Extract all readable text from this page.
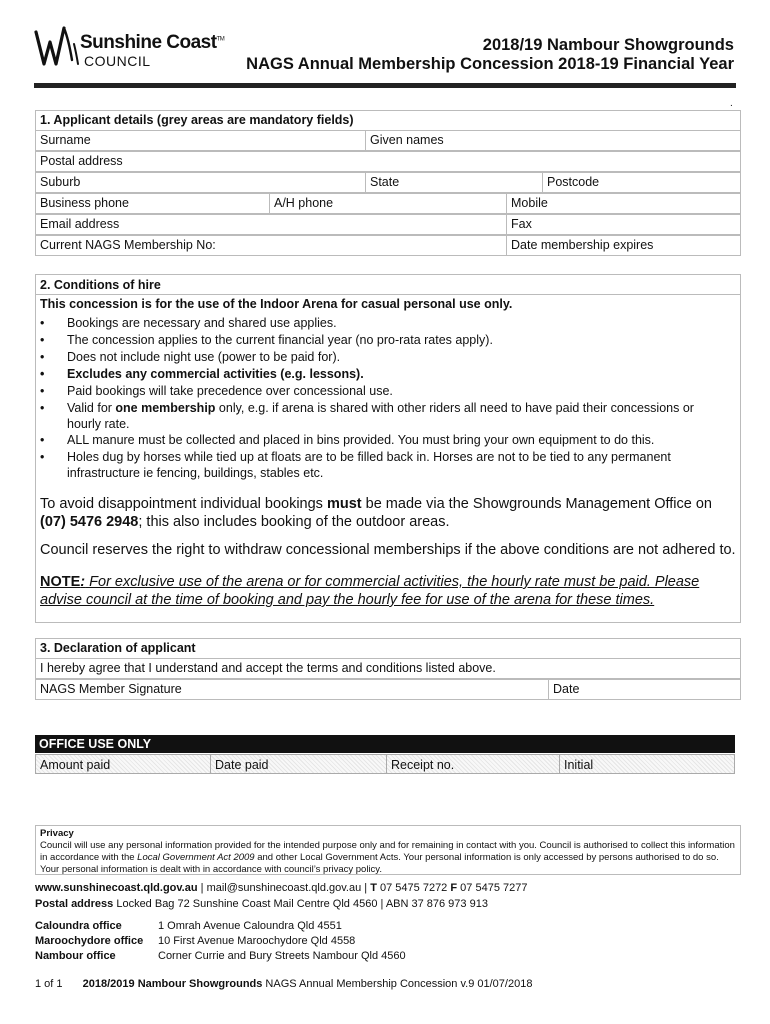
Sunshine Coast™
COUNCIL
2018/19 Nambour Showgrounds
NAGS Annual Membership Concession 2018-19 Financial Year
.
1. Applicant details (grey areas are mandatory fields)
Surname	Given names
Postal address
Suburb	State	Postcode
Business phone	A/H phone	Mobile
Email address	Fax
Current NAGS Membership No:	Date membership expires
2. Conditions of hire
This concession is for the use of the Indoor Arena for casual personal use only.
• Bookings are necessary and shared use applies.
• The concession applies to the current financial year (no pro-rata rates apply).
• Does not include night use (power to be paid for).
• Excludes any commercial activities (e.g. lessons).
• Paid bookings will take precedence over concessional use.
• Valid for one membership only, e.g. if arena is shared with other riders all need to have paid their concessions or hourly rate.
• ALL manure must be collected and placed in bins provided. You must bring your own equipment to do this.
• Holes dug by horses while tied up at floats are to be filled back in. Horses are not to be tied to any permanent infrastructure ie fencing, buildings, stables etc.
To avoid disappointment individual bookings must be made via the Showgrounds Management Office on (07) 5476 2948; this also includes booking of the outdoor areas.
Council reserves the right to withdraw concessional memberships if the above conditions are not adhered to.
NOTE: For exclusive use of the arena or for commercial activities, the hourly rate must be paid. Please advise council at the time of booking and pay the hourly fee for use of the arena for these times.
3. Declaration of applicant
I hereby agree that I understand and accept the terms and conditions listed above.
NAGS Member Signature	Date
OFFICE USE ONLY
Amount paid	Date paid	Receipt no.	Initial
Privacy
Council will use any personal information provided for the intended purpose only and for remaining in contact with you. Council is authorised to collect this information in accordance with the Local Government Act 2009 and other Local Government Acts. Your personal information is only accessed by persons authorised to do so. Your personal information is dealt with in accordance with council’s privacy policy.
www.sunshinecoast.qld.gov.au | mail@sunshinecoast.qld.gov.au | T 07 5475 7272 F 07 5475 7277
Postal address Locked Bag 72 Sunshine Coast Mail Centre Qld 4560 | ABN 37 876 973 913
Caloundra office	1 Omrah Avenue Caloundra Qld 4551
Maroochydore office 10 First Avenue Maroochydore Qld 4558
Nambour office	Corner Currie and Bury Streets Nambour Qld 4560
1 of 1 2018/2019 Nambour Showgrounds NAGS Annual Membership Concession v.9 01/07/2018
